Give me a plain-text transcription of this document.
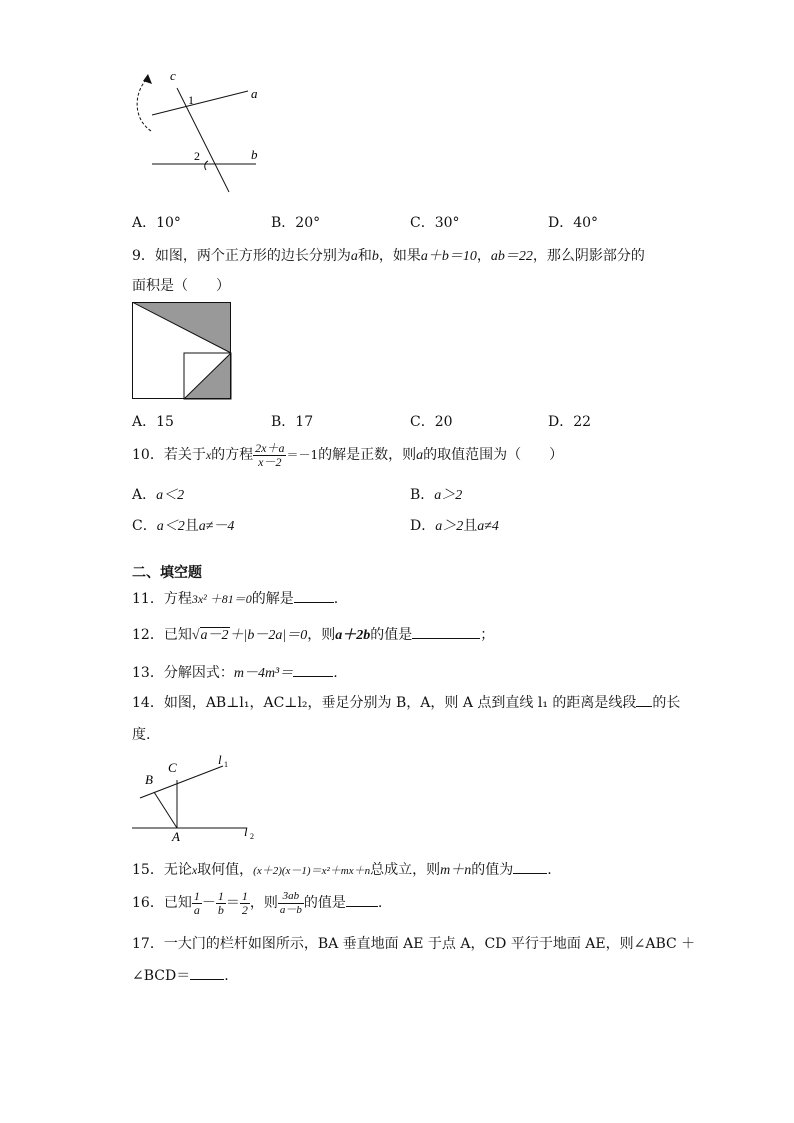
c
a
b
1
2
A．10°	B．20°	C．30°	D．40°
9．如图，两个正方形的边长分别为a和b，如果a＋b＝10，ab＝22，那么阴影部分的
面积是（　　）
A．15	B．17	C．20	D．22
10．若关于x的方程 $\frac{2x+a}{x-2} =-1$的解是正数，则a的取值范围为（　　）
A．a＜2	B．a＞2
C．a＜2且a≠－4	D．a＞2且a≠4
二、填空题
11．方程3x² ＋81＝0的解是	.
12．已知√a－2＋|b－2a|＝0，则a＋2b的值是	；
13．分解因式：m－4m³＝	.
14．如图，AB⊥l₁，AC⊥l₂，垂足分别为 B，A，则 A 点到直线 l₁ 的距离是线段 的长
度.
B
C
A
l 1
l 2
15．无论x取何值，(x＋2)(x－1)＝x²＋mx＋n总成立，则m＋n的值为 .
16．已知 $\frac{1}{a} - \frac{1}{b} = \frac{1}{2}$ ，则 $\frac{3ab}{a-b}$ 的值是 .
17．一大门的栏杆如图所示，BA 垂直地面 AE 于点 A，CD 平行于地面 AE，则∠ABC ＋
∠BCD＝ .
